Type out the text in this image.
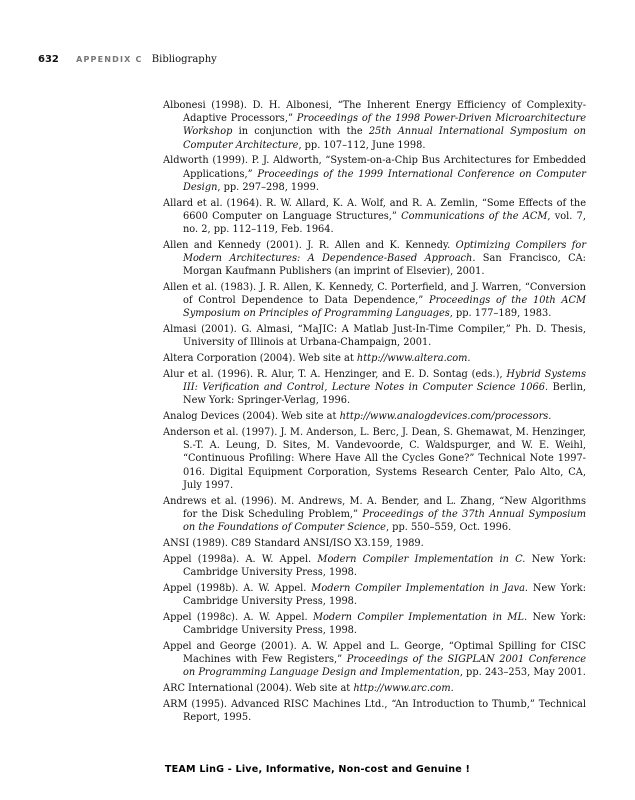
632 APPENDIX C Bibliography
Albonesi (1998). D. H. Albonesi, “The Inherent Energy Efficiency of Complexity-Adaptive Processors,” Proceedings of the 1998 Power-Driven Microarchitecture Workshop in conjunction with the 25th Annual International Symposium on Computer Architecture, pp. 107–112, June 1998.
Aldworth (1999). P. J. Aldworth, “System-on-a-Chip Bus Architectures for Embedded Applications,” Proceedings of the 1999 International Conference on Computer Design, pp. 297–298, 1999.
Allard et al. (1964). R. W. Allard, K. A. Wolf, and R. A. Zemlin, “Some Effects of the 6600 Computer on Language Structures,” Communications of the ACM, vol. 7, no. 2, pp. 112–119, Feb. 1964.
Allen and Kennedy (2001). J. R. Allen and K. Kennedy. Optimizing Compilers for Modern Architectures: A Dependence-Based Approach. San Francisco, CA: Morgan Kaufmann Publishers (an imprint of Elsevier), 2001.
Allen et al. (1983). J. R. Allen, K. Kennedy, C. Porterfield, and J. Warren, “Conversion of Control Dependence to Data Dependence,” Proceedings of the 10th ACM Symposium on Principles of Programming Languages, pp. 177–189, 1983.
Almasi (2001). G. Almasi, “MaJIC: A Matlab Just-In-Time Compiler,” Ph. D. Thesis, University of Illinois at Urbana-Champaign, 2001.
Altera Corporation (2004). Web site at http://www.altera.com.
Alur et al. (1996). R. Alur, T. A. Henzinger, and E. D. Sontag (eds.), Hybrid Systems III: Verification and Control, Lecture Notes in Computer Science 1066. Berlin, New York: Springer-Verlag, 1996.
Analog Devices (2004). Web site at http://www.analogdevices.com/processors.
Anderson et al. (1997). J. M. Anderson, L. Berc, J. Dean, S. Ghemawat, M. Henzinger, S.-T. A. Leung, D. Sites, M. Vandevoorde, C. Waldspurger, and W. E. Weihl, “Continuous Profiling: Where Have All the Cycles Gone?” Technical Note 1997-016. Digital Equipment Corporation, Systems Research Center, Palo Alto, CA, July 1997.
Andrews et al. (1996). M. Andrews, M. A. Bender, and L. Zhang, “New Algorithms for the Disk Scheduling Problem,” Proceedings of the 37th Annual Symposium on the Foundations of Computer Science, pp. 550–559, Oct. 1996.
ANSI (1989). C89 Standard ANSI/ISO X3.159, 1989.
Appel (1998a). A. W. Appel. Modern Compiler Implementation in C. New York: Cambridge University Press, 1998.
Appel (1998b). A. W. Appel. Modern Compiler Implementation in Java. New York: Cambridge University Press, 1998.
Appel (1998c). A. W. Appel. Modern Compiler Implementation in ML. New York: Cambridge University Press, 1998.
Appel and George (2001). A. W. Appel and L. George, “Optimal Spilling for CISC Machines with Few Registers,” Proceedings of the SIGPLAN 2001 Conference on Programming Language Design and Implementation, pp. 243–253, May 2001.
ARC International (2004). Web site at http://www.arc.com.
ARM (1995). Advanced RISC Machines Ltd., “An Introduction to Thumb,” Technical Report, 1995.
TEAM LinG - Live, Informative, Non-cost and Genuine !
